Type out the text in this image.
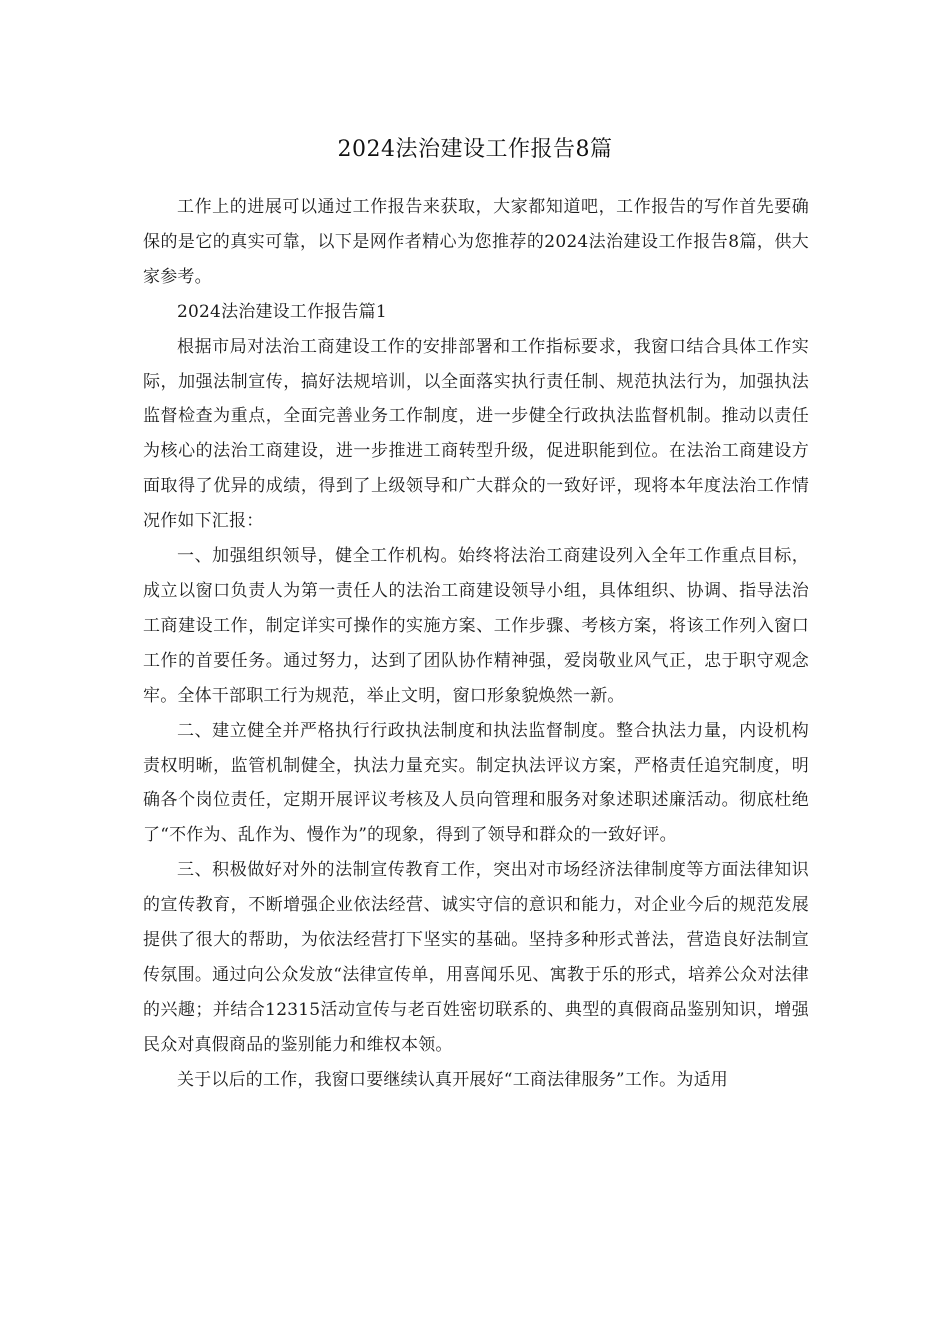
2024法治建设工作报告8篇

工作上的进展可以通过工作报告来获取，大家都知道吧，工作报告的写作首先要确保的是它的真实可靠，以下是网作者精心为您推荐的2024法治建设工作报告8篇，供大家参考。

2024法治建设工作报告篇1

根据市局对法治工商建设工作的安排部署和工作指标要求，我窗口结合具体工作实际，加强法制宣传，搞好法规培训，以全面落实执行责任制、规范执法行为，加强执法监督检查为重点，全面完善业务工作制度，进一步健全行政执法监督机制。推动以责任为核心的法治工商建设，进一步推进工商转型升级，促进职能到位。在法治工商建设方面取得了优异的成绩，得到了上级领导和广大群众的一致好评，现将本年度法治工作情况作如下汇报：

一、加强组织领导，健全工作机构。始终将法治工商建设列入全年工作重点目标，成立以窗口负责人为第一责任人的法治工商建设领导小组，具体组织、协调、指导法治工商建设工作，制定详实可操作的实施方案、工作步骤、考核方案，将该工作列入窗口工作的首要任务。通过努力，达到了团队协作精神强，爱岗敬业风气正，忠于职守观念牢。全体干部职工行为规范，举止文明，窗口形象貌焕然一新。

二、建立健全并严格执行行政执法制度和执法监督制度。整合执法力量，内设机构责权明晰，监管机制健全，执法力量充实。制定执法评议方案，严格责任追究制度，明确各个岗位责任，定期开展评议考核及人员向管理和服务对象述职述廉活动。彻底杜绝了“不作为、乱作为、慢作为”的现象，得到了领导和群众的一致好评。

三、积极做好对外的法制宣传教育工作，突出对市场经济法律制度等方面法律知识的宣传教育，不断增强企业依法经营、诚实守信的意识和能力，对企业今后的规范发展提供了很大的帮助，为依法经营打下坚实的基础。坚持多种形式普法，营造良好法制宣传氛围。通过向公众发放“法律宣传单，用喜闻乐见、寓教于乐的形式，培养公众对法律的兴趣；并结合12315活动宣传与老百姓密切联系的、典型的真假商品鉴别知识，增强民众对真假商品的鉴别能力和维权本领。

关于以后的工作，我窗口要继续认真开展好“工商法律服务”工作。为适用
